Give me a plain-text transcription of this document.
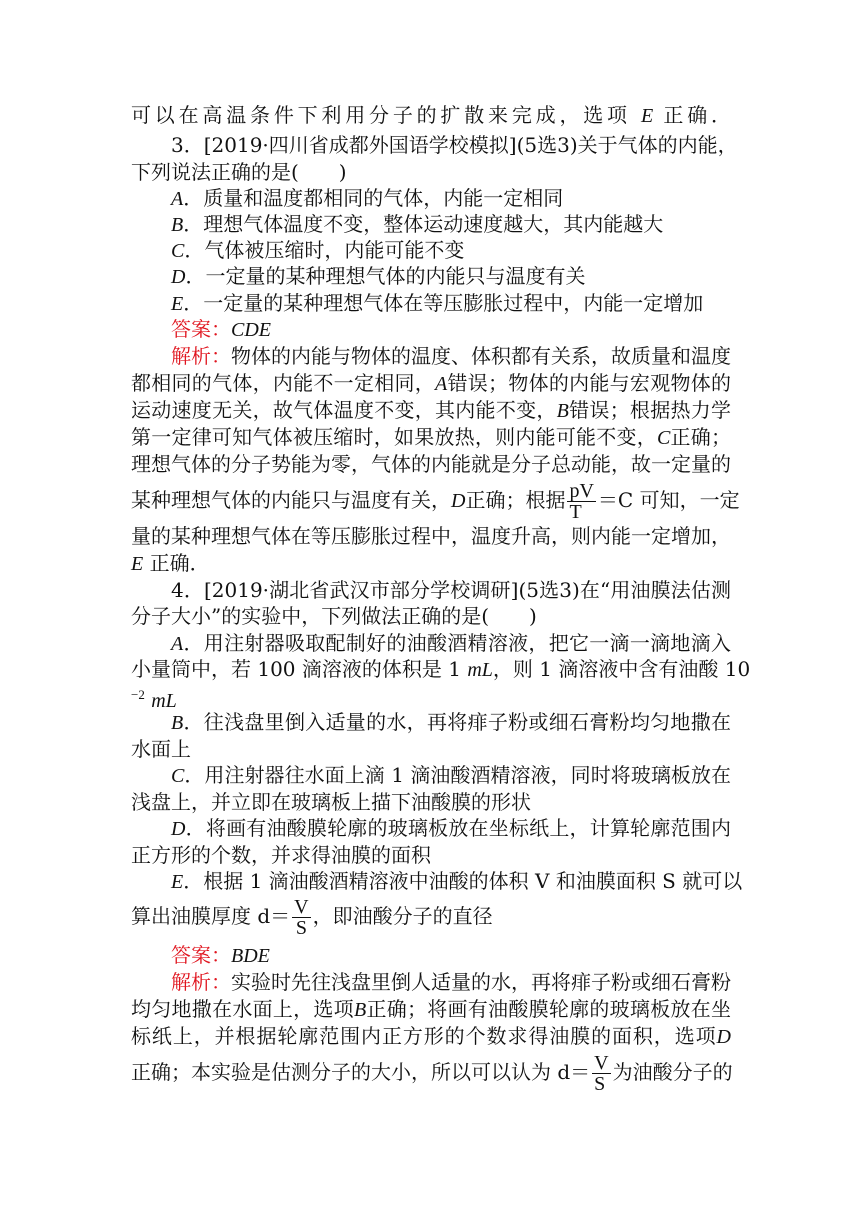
可以在高温条件下利用分子的扩散来完成，选项 E 正确．
3．[2019·四川省成都外国语学校模拟](5选3)关于气体的内能，
下列说法正确的是(　　)
A．质量和温度都相同的气体，内能一定相同
B．理想气体温度不变，整体运动速度越大，其内能越大
C．气体被压缩时，内能可能不变
D．一定量的某种理想气体的内能只与温度有关
E．一定量的某种理想气体在等压膨胀过程中，内能一定增加
答案：CDE
解析：物体的内能与物体的温度、体积都有关系，故质量和温度
都相同的气体，内能不一定相同，A错误；物体的内能与宏观物体的
运动速度无关，故气体温度不变，其内能不变，B错误；根据热力学
第一定律可知气体被压缩时，如果放热，则内能可能不变，C正确；
理想气体的分子势能为零，气体的内能就是分子总动能，故一定量的
某种理想气体的内能只与温度有关，D正确；根据 $\frac{pV}{T} =C$ 可知，一定
量的某种理想气体在等压膨胀过程中，温度升高，则内能一定增加，
E 正确．
4．[2019·湖北省武汉市部分学校调研](5选3)在“用油膜法估测
分子大小”的实验中，下列做法正确的是(　　)
A．用注射器吸取配制好的油酸酒精溶液，把它一滴一滴地滴入
小量筒中，若 100 滴溶液的体积是 1 mL，则 1 滴溶液中含有油酸 10
$^{-2}$ mL
B．往浅盘里倒入适量的水，再将痱子粉或细石膏粉均匀地撒在
水面上
C．用注射器往水面上滴 1 滴油酸酒精溶液，同时将玻璃板放在
浅盘上，并立即在玻璃板上描下油酸膜的形状
D．将画有油酸膜轮廓的玻璃板放在坐标纸上，计算轮廓范围内
正方形的个数，并求得油膜的面积
E．根据 1 滴油酸酒精溶液中油酸的体积 V 和油膜面积 S 就可以
算出油膜厚度 $d= \frac{V}{S}$ ，即油酸分子的直径
答案：BDE
解析：实验时先往浅盘里倒人适量的水，再将痱子粉或细石膏粉
均匀地撒在水面上，选项B正确；将画有油酸膜轮廓的玻璃板放在坐
标纸上，并根据轮廓范围内正方形的个数求得油膜的面积，选项D
正确；本实验是估测分子的大小，所以可以认为 $d= \frac{V}{S}$ 为油酸分子的
